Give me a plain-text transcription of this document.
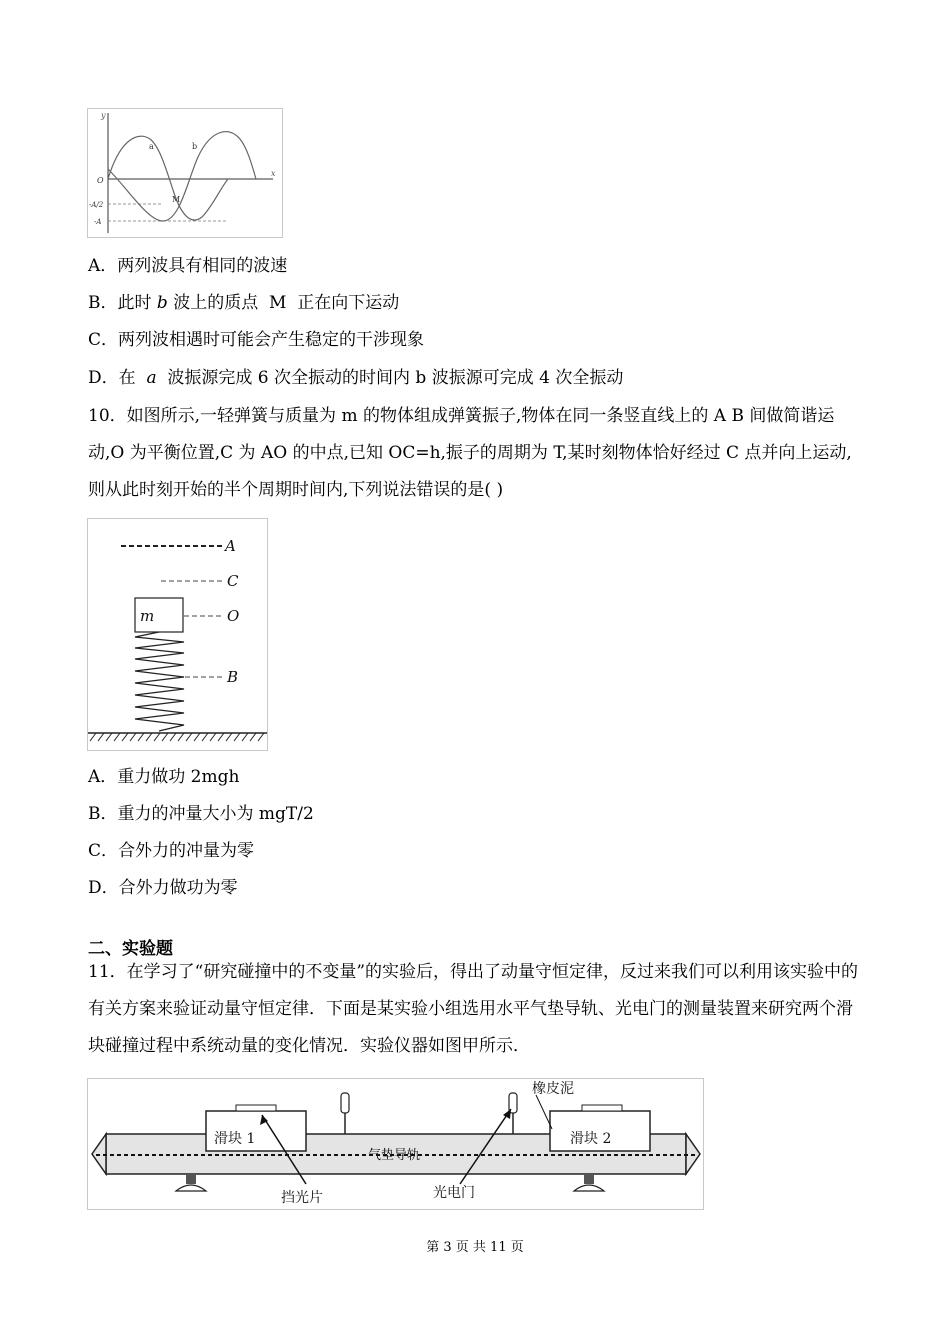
y
x
O
-A/2
-A
M
a	b
A．两列波具有相同的波速
B．此时 b 波上的质点  M  正在向下运动
C．两列波相遇时可能会产生稳定的干涉现象
D．在  a  波振源完成 6 次全振动的时间内 b 波振源可完成 4 次全振动
10．如图所示,一轻弹簧与质量为 m 的物体组成弹簧振子,物体在同一条竖直线上的 A B 间做简谐运动,O 为平衡位置,C 为 AO 的中点,已知 OC=h,振子的周期为 T,某时刻物体恰好经过 C 点并向上运动,则从此时刻开始的半个周期时间内,下列说法错误的是( )
m
A
C
O
B
A．重力做功 2mgh
B．重力的冲量大小为 mgT/2
C．合外力的冲量为零
D．合外力做功为零
二、实验题
11．在学习了“研究碰撞中的不变量”的实验后，得出了动量守恒定律，反过来我们可以利用该实验中的有关方案来验证动量守恒定律．下面是某实验小组选用水平气垫导轨、光电门的测量装置来研究两个滑块碰撞过程中系统动量的变化情况．实验仪器如图甲所示．
滑块 1	滑块 2
气垫导轨
挡光片	光电门
橡皮泥
第 3 页 共 11 页
